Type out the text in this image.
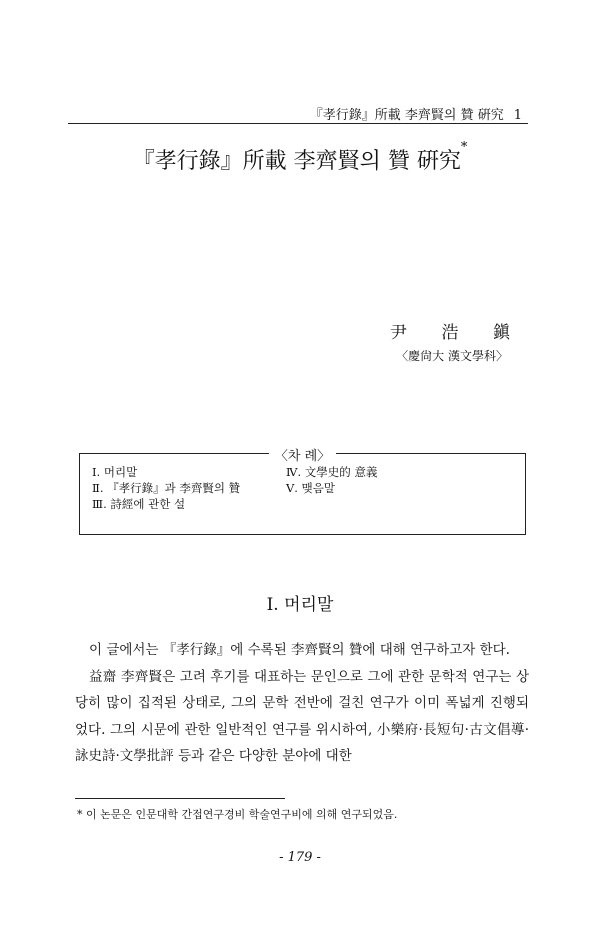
『孝行錄』所載 李齊賢의 贊 硏究 1
『孝行錄』所載 李齊賢의 贊 硏究*
尹 浩 鎭
〈慶尙大 漢文學科〉
〈차 례〉
Ⅰ. 머리말
Ⅱ. 『孝行錄』과 李齊賢의 贊
Ⅲ. 詩經에 관한 설
Ⅳ. 文學史的 意義
Ⅴ. 맺음말
Ⅰ. 머리말

이 글에서는 『孝行錄』에 수록된 李齊賢의 贊에 대해 연구하고자 한다.

益齋 李齊賢은 고려 후기를 대표하는 문인으로 그에 관한 문학적 연구는 상당히 많이 집적된 상태로, 그의 문학 전반에 걸친 연구가 이미 폭넓게 진행되었다. 그의 시문에 관한 일반적인 연구를 위시하여, 小樂府·長短句·古文倡導·詠史詩·文學批評 등과 같은 다양한 분야에 대한

* 이 논문은 인문대학 간접연구경비 학술연구비에 의해 연구되었음.
- 179 -
